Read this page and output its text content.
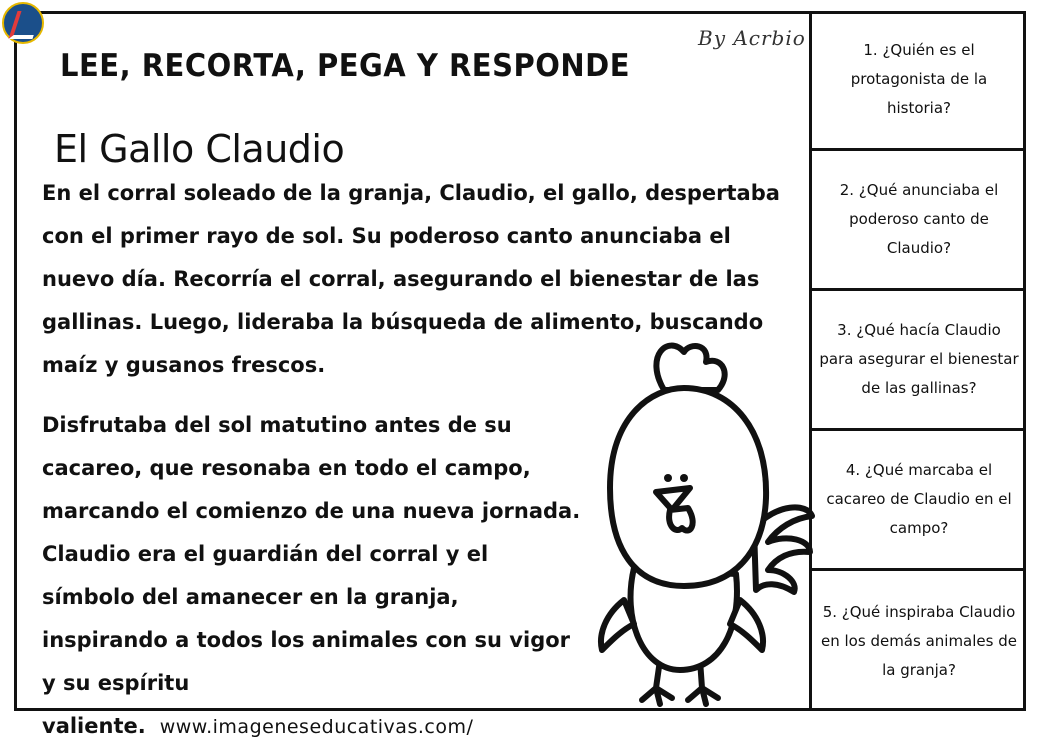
LEE, RECORTA, PEGA Y RESPONDE
By Acrbio
El Gallo Claudio

En el corral soleado de la granja, Claudio, el gallo, despertaba con el primer rayo de sol. Su poderoso canto anunciaba el nuevo día. Recorría el corral, asegurando el bienestar de las gallinas. Luego, lideraba la búsqueda de alimento, buscando maíz y gusanos frescos.

Disfrutaba del sol matutino antes de su cacareo, que resonaba en todo el campo, marcando el comienzo de una nueva jornada. Claudio era el guardián del corral y el símbolo del amanecer en la granja, inspirando a todos los animales con su vigor y su espíritu valiente. www.imageneseducativas.com/

1. ¿Quién es el protagonista de la historia?
2. ¿Qué anunciaba el poderoso canto de Claudio?
3. ¿Qué hacía Claudio para asegurar el bienestar de las gallinas?
4. ¿Qué marcaba el cacareo de Claudio en el campo?
5. ¿Qué inspiraba Claudio en los demás animales de la granja?
